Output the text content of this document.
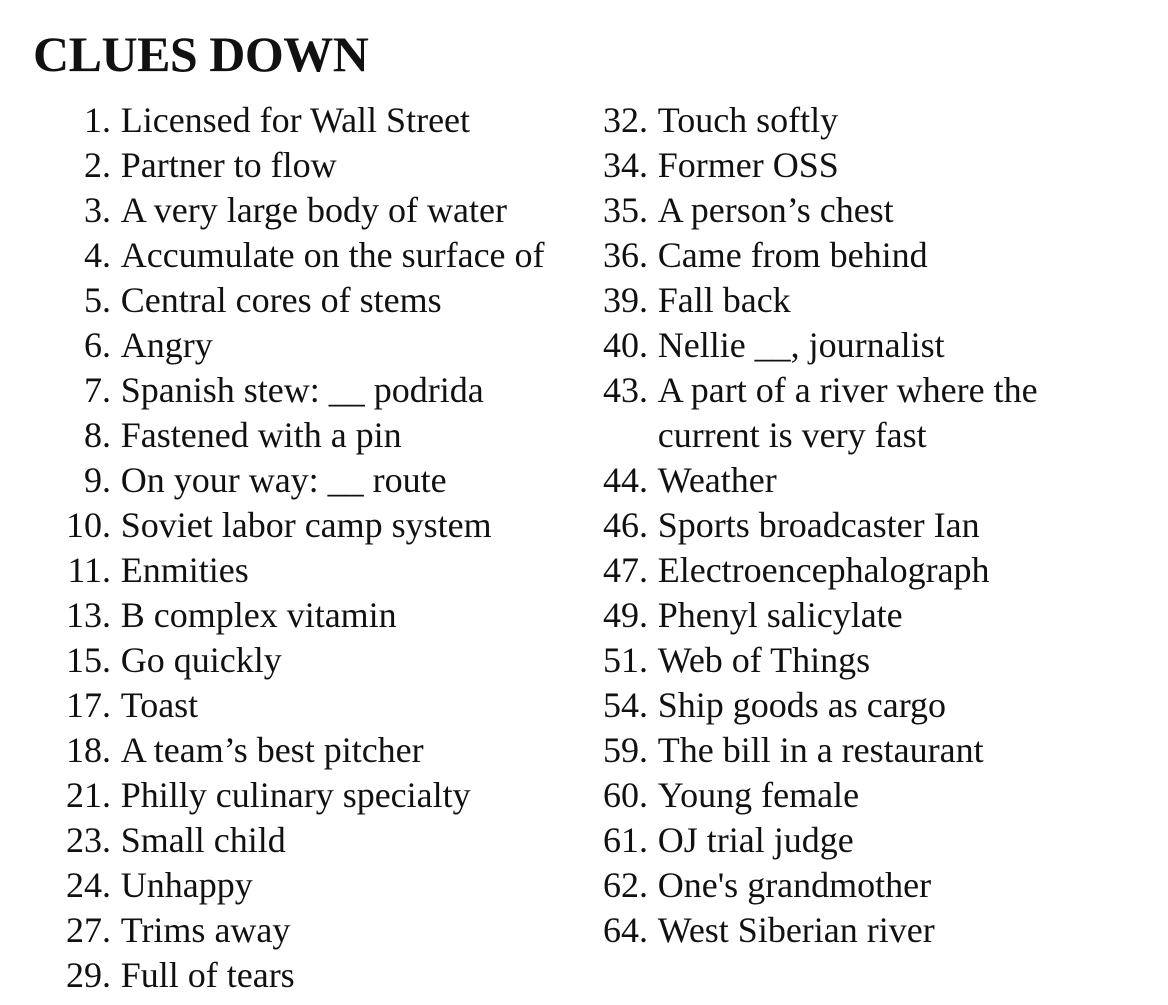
CLUES DOWN
1. Licensed for Wall Street
2. Partner to flow
3. A very large body of water
4. Accumulate on the surface of
5. Central cores of stems
6. Angry
7. Spanish stew: __ podrida
8. Fastened with a pin
9. On your way: __ route
10. Soviet labor camp system
11. Enmities
13. B complex vitamin
15. Go quickly
17. Toast
18. A team’s best pitcher
21. Philly culinary specialty
23. Small child
24. Unhappy
27. Trims away
29. Full of tears
32. Touch softly
34. Former OSS
35. A person’s chest
36. Came from behind
39. Fall back
40. Nellie __, journalist
43. A part of a river where the current is very fast
44. Weather
46. Sports broadcaster Ian
47. Electroencephalograph
49. Phenyl salicylate
51. Web of Things
54. Ship goods as cargo
59. The bill in a restaurant
60. Young female
61. OJ trial judge
62. One's grandmother
64. West Siberian river
